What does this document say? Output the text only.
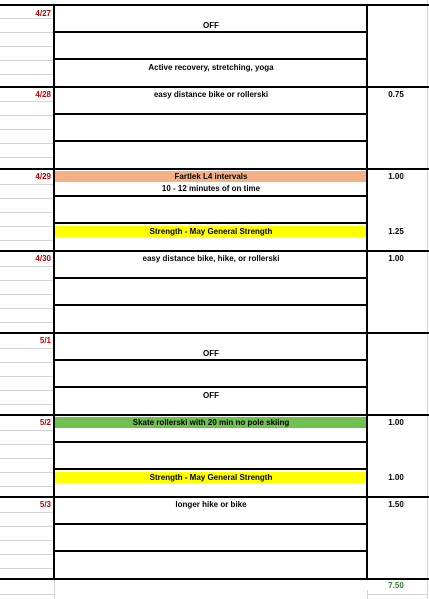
4/27
OFF
Active recovery, stretching, yoga
4/28	easy distance bike or rollerski	0.75
4/29	Fartlek L4 intervals	1.00
10 - 12 minutes of on time
Strength - May General Strength	1.25
4/30	easy distance bike, hike, or rollerski	1.00
5/1
OFF
OFF
5/2	Skate rollerski with 20 min no pole skiing	1.00
Strength - May General Strength	1.00
5/3	longer hike or bike	1.50
7.50
